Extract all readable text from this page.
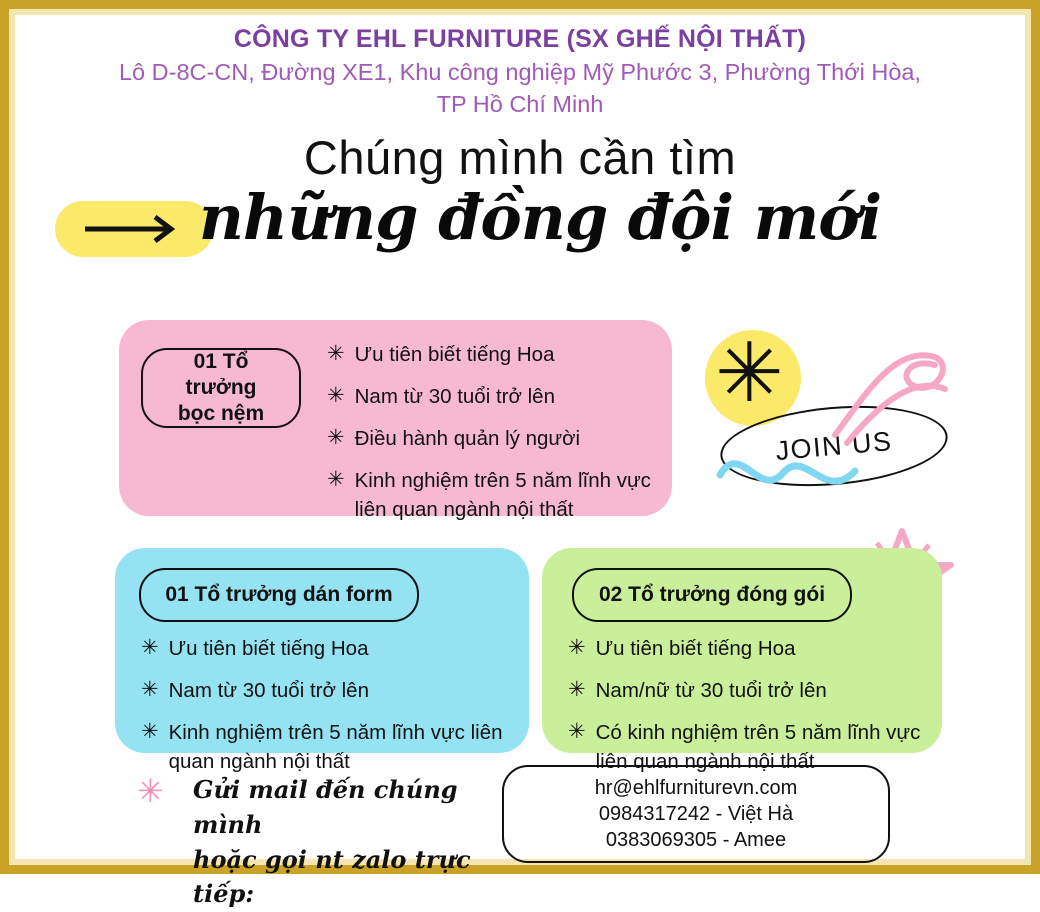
CÔNG TY EHL FURNITURE (SX GHẾ NỘI THẤT)
Lô D-8C-CN, Đường XE1, Khu công nghiệp Mỹ Phước 3, Phường Thới Hòa,
TP Hồ Chí Minh
Chúng mình cần tìm
những đồng đội mới
✳
JOIN US
01 Tổ trưởng
bọc nệm
✳ Ưu tiên biết tiếng Hoa
✳ Nam từ 30 tuổi trở lên
✳ Điều hành quản lý người
✳ Kinh nghiệm trên 5 năm lĩnh vực liên quan ngành nội thất
01 Tổ trưởng dán form
✳ Ưu tiên biết tiếng Hoa
✳ Nam từ 30 tuổi trở lên
✳ Kinh nghiệm trên 5 năm lĩnh vực liên quan ngành nội thất
02 Tổ trưởng đóng gói
✳ Ưu tiên biết tiếng Hoa
✳ Nam/nữ từ 30 tuổi trở lên
✳ Có kinh nghiệm trên 5 năm lĩnh vực liên quan ngành nội thất
✳ Gửi mail đến chúng mình
hoặc gọi nt zalo trực tiếp:
hr@ehlfurniturevn.com
0984317242 - Việt Hà
0383069305 - Amee
